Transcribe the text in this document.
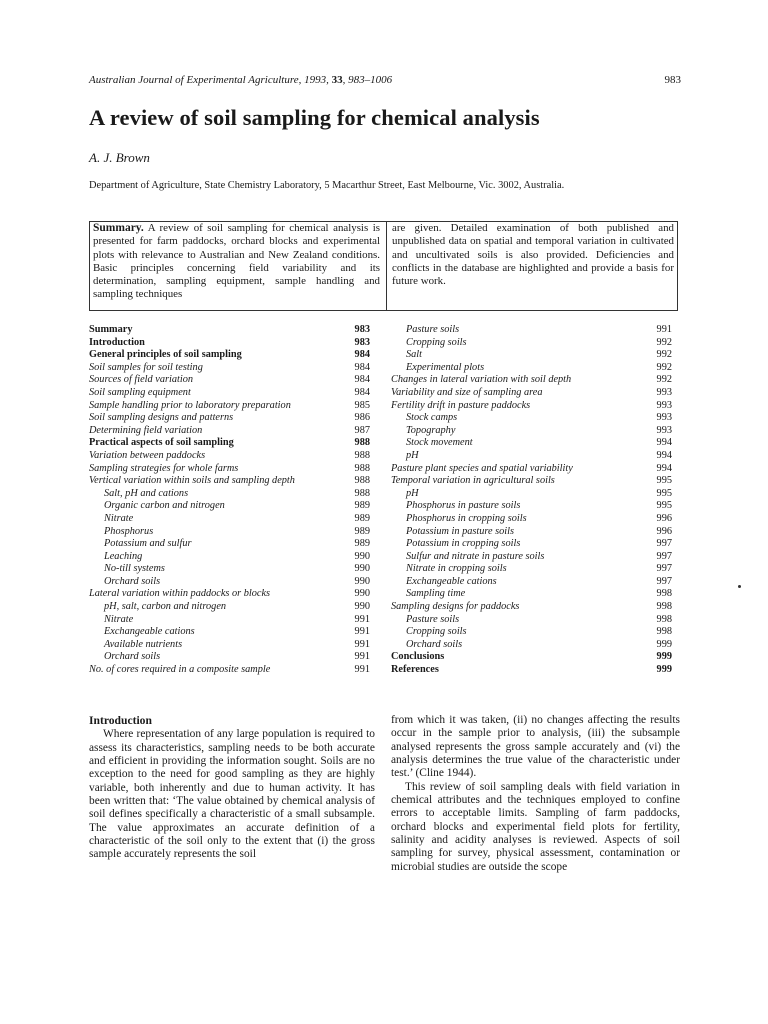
Australian Journal of Experimental Agriculture, 1993, 33, 983–1006	983
A review of soil sampling for chemical analysis
A. J. Brown
Department of Agriculture, State Chemistry Laboratory, 5 Macarthur Street, East Melbourne, Vic. 3002, Australia.
Summary. A review of soil sampling for chemical analysis is presented for farm paddocks, orchard blocks and experimental plots with relevance to Australian and New Zealand conditions. Basic principles concerning field variability and its determination, sampling equipment, sample handling and sampling techniques
are given. Detailed examination of both published and unpublished data on spatial and temporal variation in cultivated and uncultivated soils is also provided. Deficiencies and conflicts in the database are highlighted and provide a basis for future work.
Summary	983
Introduction	983
General principles of soil sampling	984
Soil samples for soil testing	984
Sources of field variation	984
Soil sampling equipment	984
Sample handling prior to laboratory preparation	985
Soil sampling designs and patterns	986
Determining field variation	987
Practical aspects of soil sampling	988
Variation between paddocks	988
Sampling strategies for whole farms	988
Vertical variation within soils and sampling depth	988
Salt, pH and cations	988
Organic carbon and nitrogen	989
Nitrate	989
Phosphorus	989
Potassium and sulfur	989
Leaching	990
No-till systems	990
Orchard soils	990
Lateral variation within paddocks or blocks	990
pH, salt, carbon and nitrogen	990
Nitrate	991
Exchangeable cations	991
Available nutrients	991
Orchard soils	991
No. of cores required in a composite sample	991
Pasture soils	991
Cropping soils	992
Salt	992
Experimental plots	992
Changes in lateral variation with soil depth	992
Variability and size of sampling area	993
Fertility drift in pasture paddocks	993
Stock camps	993
Topography	993
Stock movement	994
pH	994
Pasture plant species and spatial variability	994
Temporal variation in agricultural soils	995
pH	995
Phosphorus in pasture soils	995
Phosphorus in cropping soils	996
Potassium in pasture soils	996
Potassium in cropping soils	997
Sulfur and nitrate in pasture soils	997
Nitrate in cropping soils	997
Exchangeable cations	997
Sampling time	998
Sampling designs for paddocks	998
Pasture soils	998
Cropping soils	998
Orchard soils	999
Conclusions	999
References	999
Introduction

Where representation of any large population is required to assess its characteristics, sampling needs to be both accurate and efficient in providing the information sought. Soils are no exception to the need for good sampling as they are highly variable, both inherently and due to human activity. It has been written that: ‘The value obtained by chemical analysis of soil defines specifically a characteristic of a small subsample. The value approximates an accurate definition of a characteristic of the soil only to the extent that (i) the gross sample accurately represents the soil

from which it was taken, (ii) no changes affecting the results occur in the sample prior to analysis, (iii) the subsample analysed represents the gross sample accurately and (vi) the analysis determines the true value of the characteristic under test.’ (Cline 1944).

This review of soil sampling deals with field variation in chemical attributes and the techniques employed to confine errors to acceptable limits. Sampling of farm paddocks, orchard blocks and experimental field plots for fertility, salinity and acidity analyses is reviewed. Aspects of soil sampling for survey, physical assessment, contamination or microbial studies are outside the scope
